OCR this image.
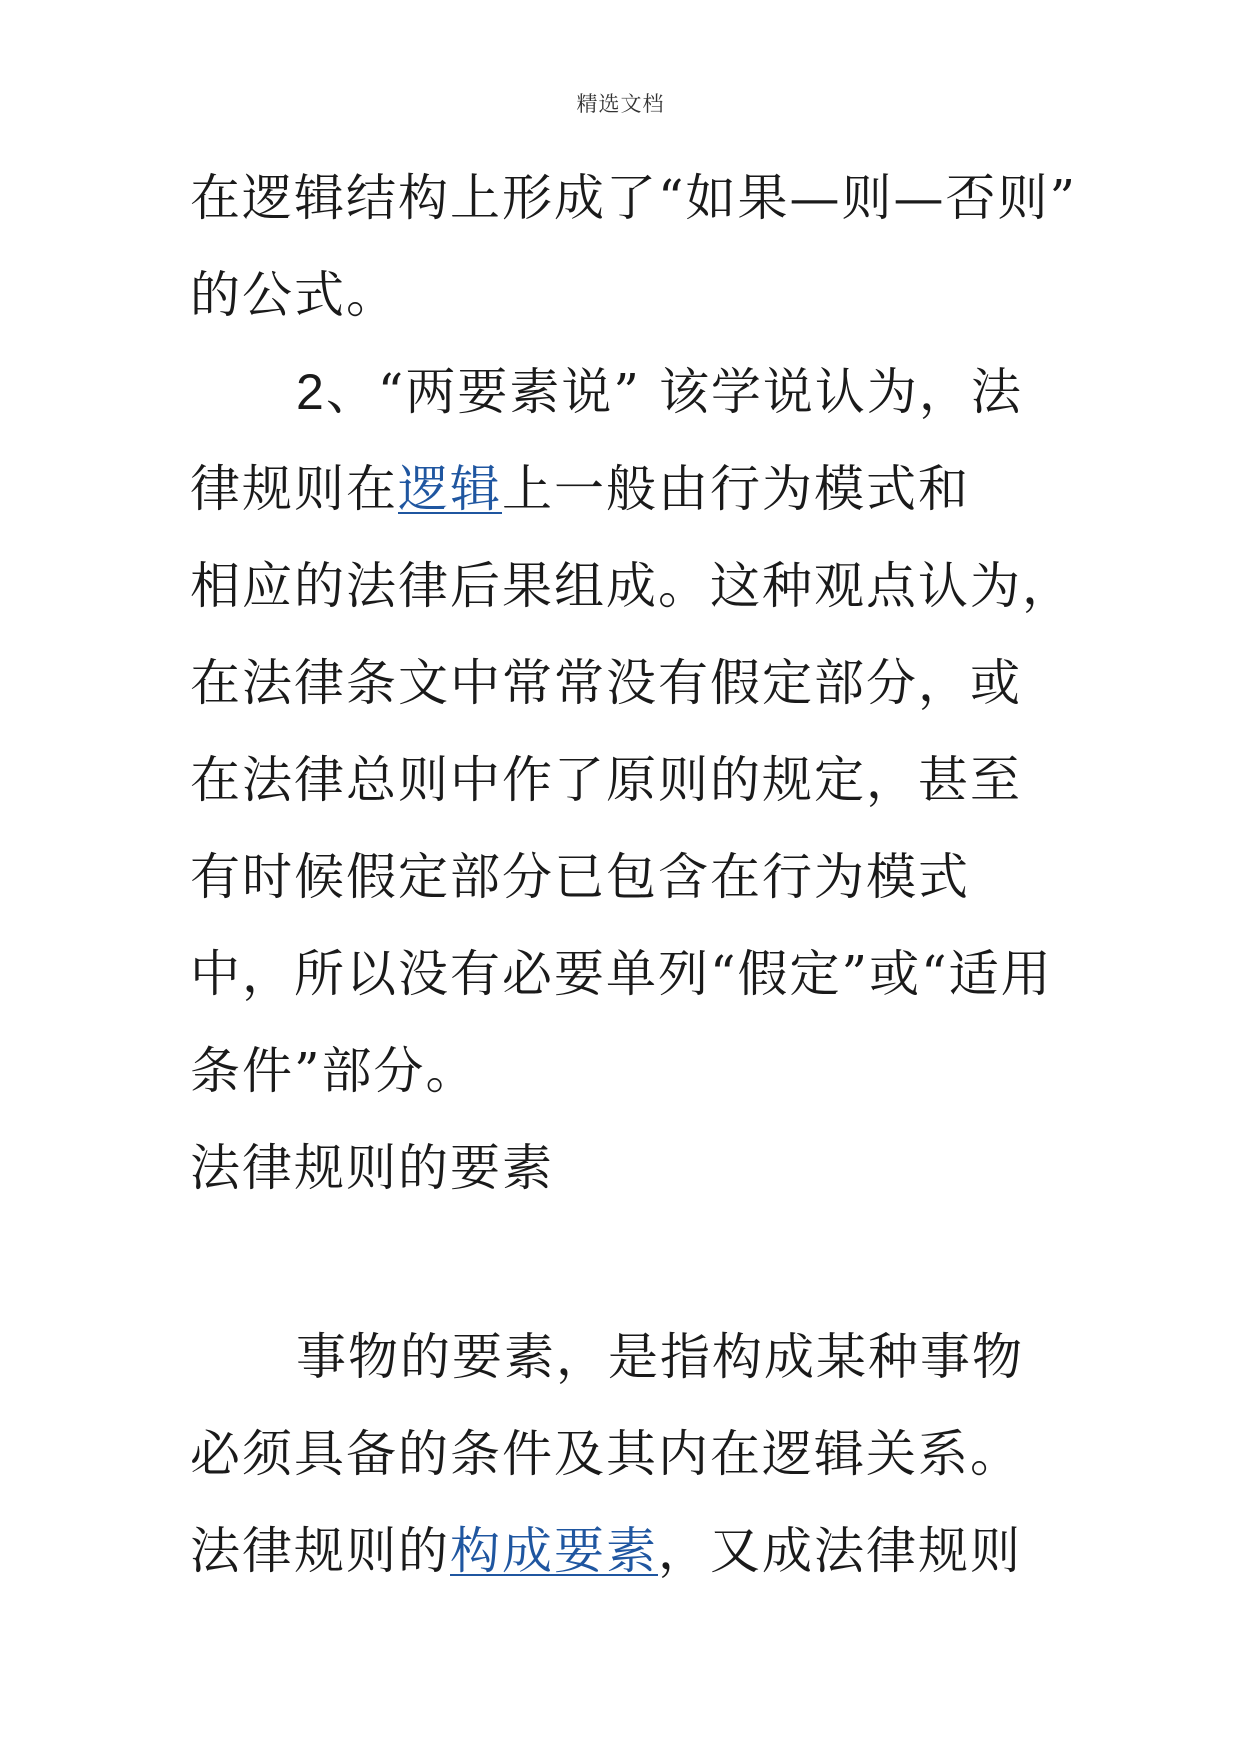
精选文档
在逻辑结构上形成了“如果—则—否则”
的公式。
2、“两要素说” 该学说认为，法
律规则在逻辑上一般由行为模式和
相应的法律后果组成。这种观点认为，
在法律条文中常常没有假定部分，或
在法律总则中作了原则的规定，甚至
有时候假定部分已包含在行为模式
中，所以没有必要单列“假定”或“适用
条件”部分。
法律规则的要素
事物的要素，是指构成某种事物
必须具备的条件及其内在逻辑关系。
法律规则的构成要素，又成法律规则
